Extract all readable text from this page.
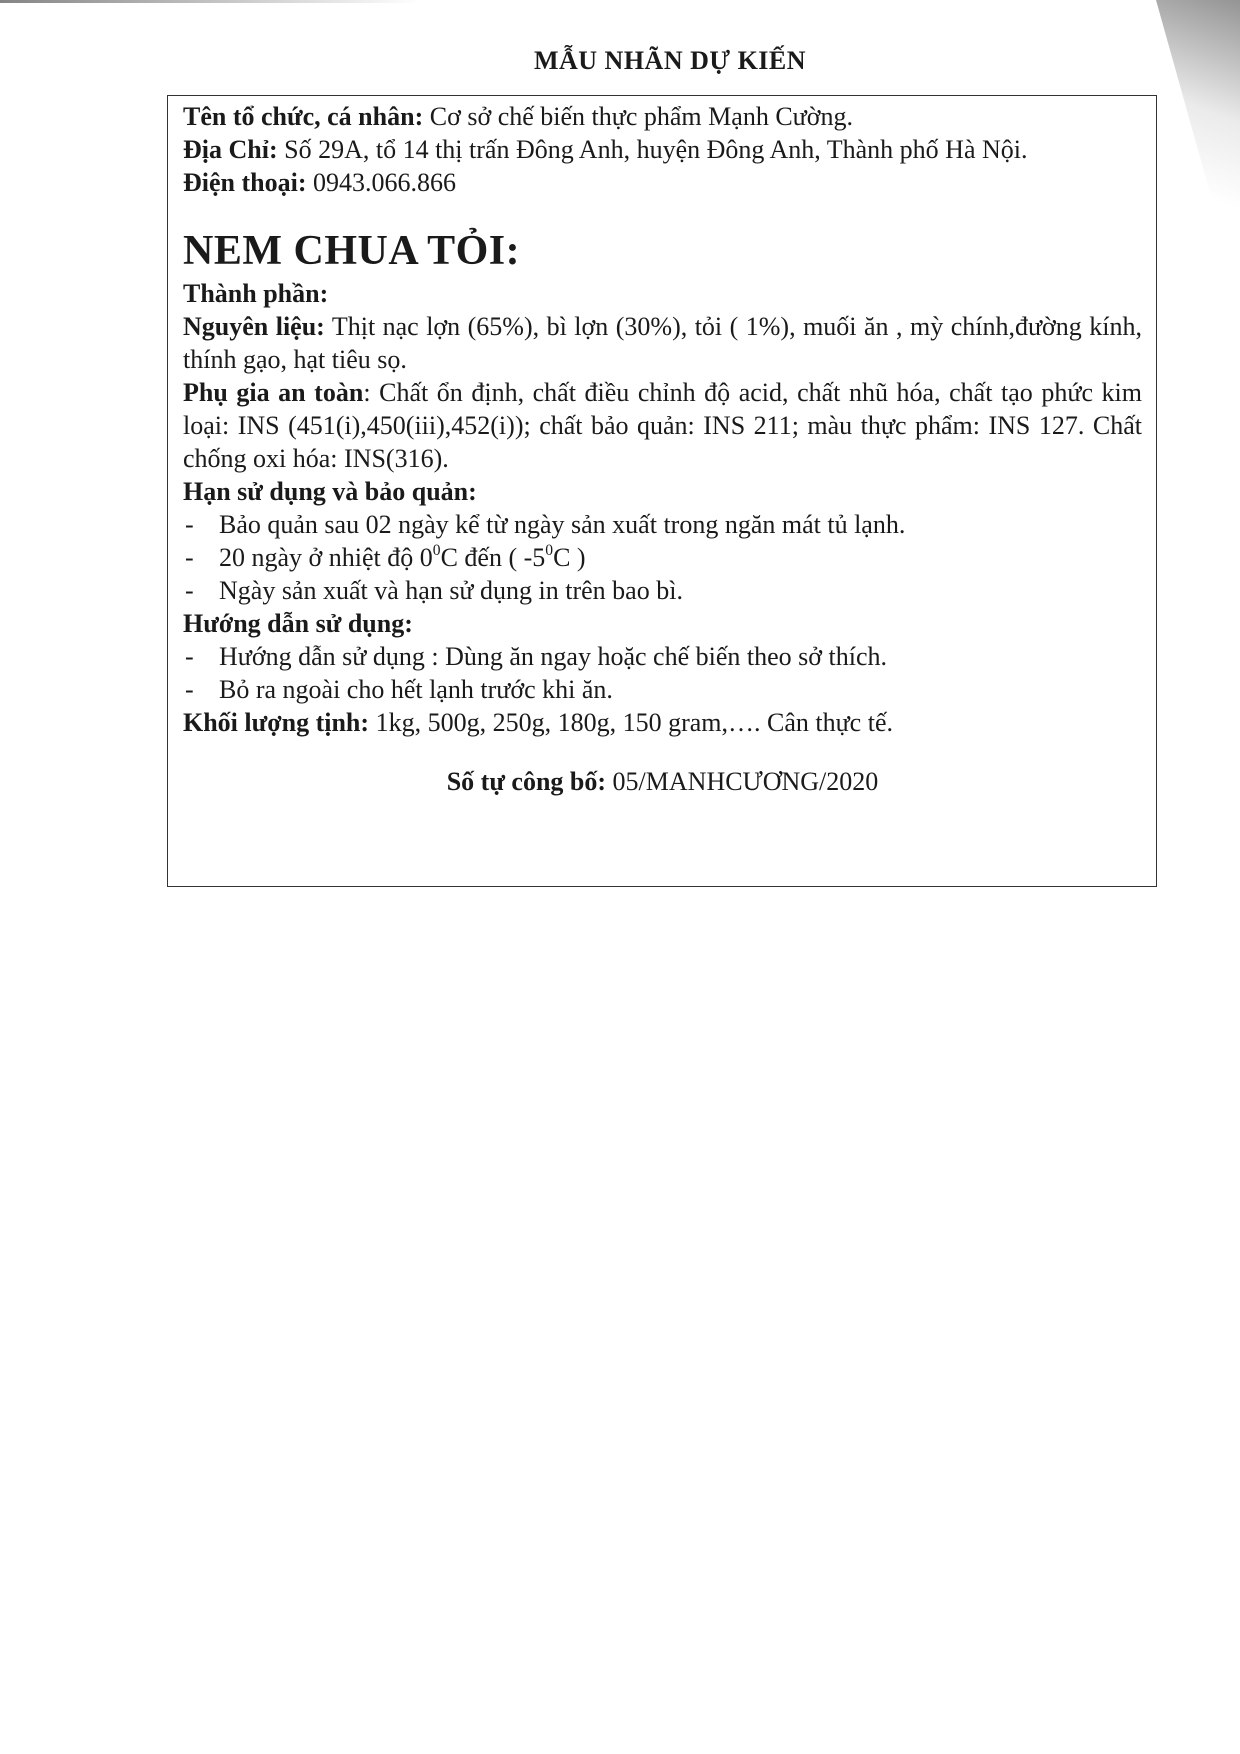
MẪU NHÃN DỰ KIẾN

Tên tổ chức, cá nhân: Cơ sở chế biến thực phẩm Mạnh Cường.

Địa Chỉ: Số 29A, tổ 14 thị trấn Đông Anh, huyện Đông Anh, Thành phố Hà Nội.

Điện thoại: 0943.066.866

NEM CHUA TỎI:

Thành phần:

Nguyên liệu: Thịt nạc lợn (65%), bì lợn (30%), tỏi ( 1%), muối ăn , mỳ chính,đường kính, thính gạo, hạt tiêu sọ.

Phụ gia an toàn: Chất ổn định, chất điều chỉnh độ acid, chất nhũ hóa, chất tạo phức kim loại: INS (451(i),450(iii),452(i)); chất bảo quản: INS 211; màu thực phẩm: INS 127. Chất chống oxi hóa: INS(316).

Hạn sử dụng và bảo quản:

- Bảo quản sau 02 ngày kể từ ngày sản xuất trong ngăn mát tủ lạnh.
- 20 ngày ở nhiệt độ $0^0C$ đến ( $-5^0C$ )
- Ngày sản xuất và hạn sử dụng in trên bao bì.

Hướng dẫn sử dụng:

- Hướng dẫn sử dụng : Dùng ăn ngay hoặc chế biến theo sở thích.
- Bỏ ra ngoài cho hết lạnh trước khi ăn.

Khối lượng tịnh: 1kg, 500g, 250g, 180g, 150 gram,…. Cân thực tế.

Số tự công bố: 05/MANHCƯƠNG/2020
